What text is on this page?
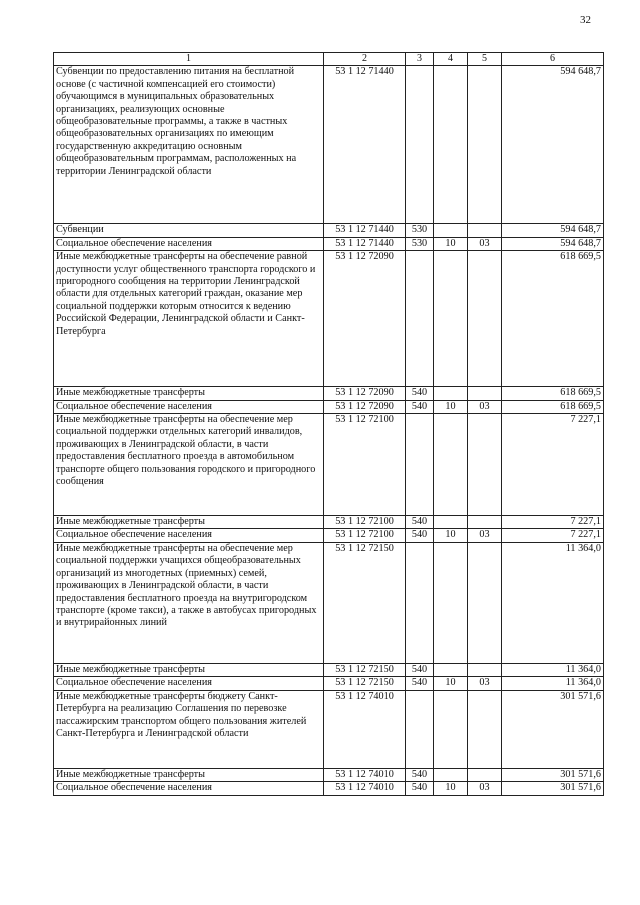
32
1	2	3	4	5	6
Субвенции по предоставлению питания на бесплатной основе (с частичной компенсацией его стоимости) обучающимся в муниципальных образовательных организациях, реализующих основные общеобразовательные программы, а также в частных общеобразовательных организациях по имеющим государственную аккредитацию основным общеобразовательным программам, расположенных на территории Ленинградской области	53 1 12 71440				594 648,7
Субвенции	53 1 12 71440	530			594 648,7
Социальное обеспечение населения	53 1 12 71440	530	10	03	594 648,7
Иные межбюджетные трансферты на обеспечение равной доступности услуг общественного транспорта городского и пригородного сообщения на территории Ленинградской области для отдельных категорий граждан, оказание мер социальной поддержки которым относится к ведению Российской Федерации, Ленинградской области и Санкт-Петербурга	53 1 12 72090				618 669,5
Иные межбюджетные трансферты	53 1 12 72090	540			618 669,5
Социальное обеспечение населения	53 1 12 72090	540	10	03	618 669,5
Иные межбюджетные трансферты на обеспечение мер социальной поддержки отдельных категорий инвалидов, проживающих в Ленинградской области, в части предоставления бесплатного проезда в автомобильном транспорте общего пользования городского и пригородного сообщения	53 1 12 72100				7 227,1
Иные межбюджетные трансферты	53 1 12 72100	540			7 227,1
Социальное обеспечение населения	53 1 12 72100	540	10	03	7 227,1
Иные межбюджетные трансферты на обеспечение мер социальной поддержки учащихся общеобразовательных организаций из многодетных (приемных) семей, проживающих в Ленинградской области, в части предоставления бесплатного проезда на внутригородском транспорте (кроме такси), а также в автобусах пригородных и внутрирайонных линий	53 1 12 72150				11 364,0
Иные межбюджетные трансферты	53 1 12 72150	540			11 364,0
Социальное обеспечение населения	53 1 12 72150	540	10	03	11 364,0
Иные межбюджетные трансферты бюджету Санкт-Петербурга на реализацию Соглашения по перевозке пассажирским транспортом общего пользования жителей Санкт-Петербурга и Ленинградской области	53 1 12 74010				301 571,6
Иные межбюджетные трансферты	53 1 12 74010	540			301 571,6
Социальное обеспечение населения	53 1 12 74010	540	10	03	301 571,6
